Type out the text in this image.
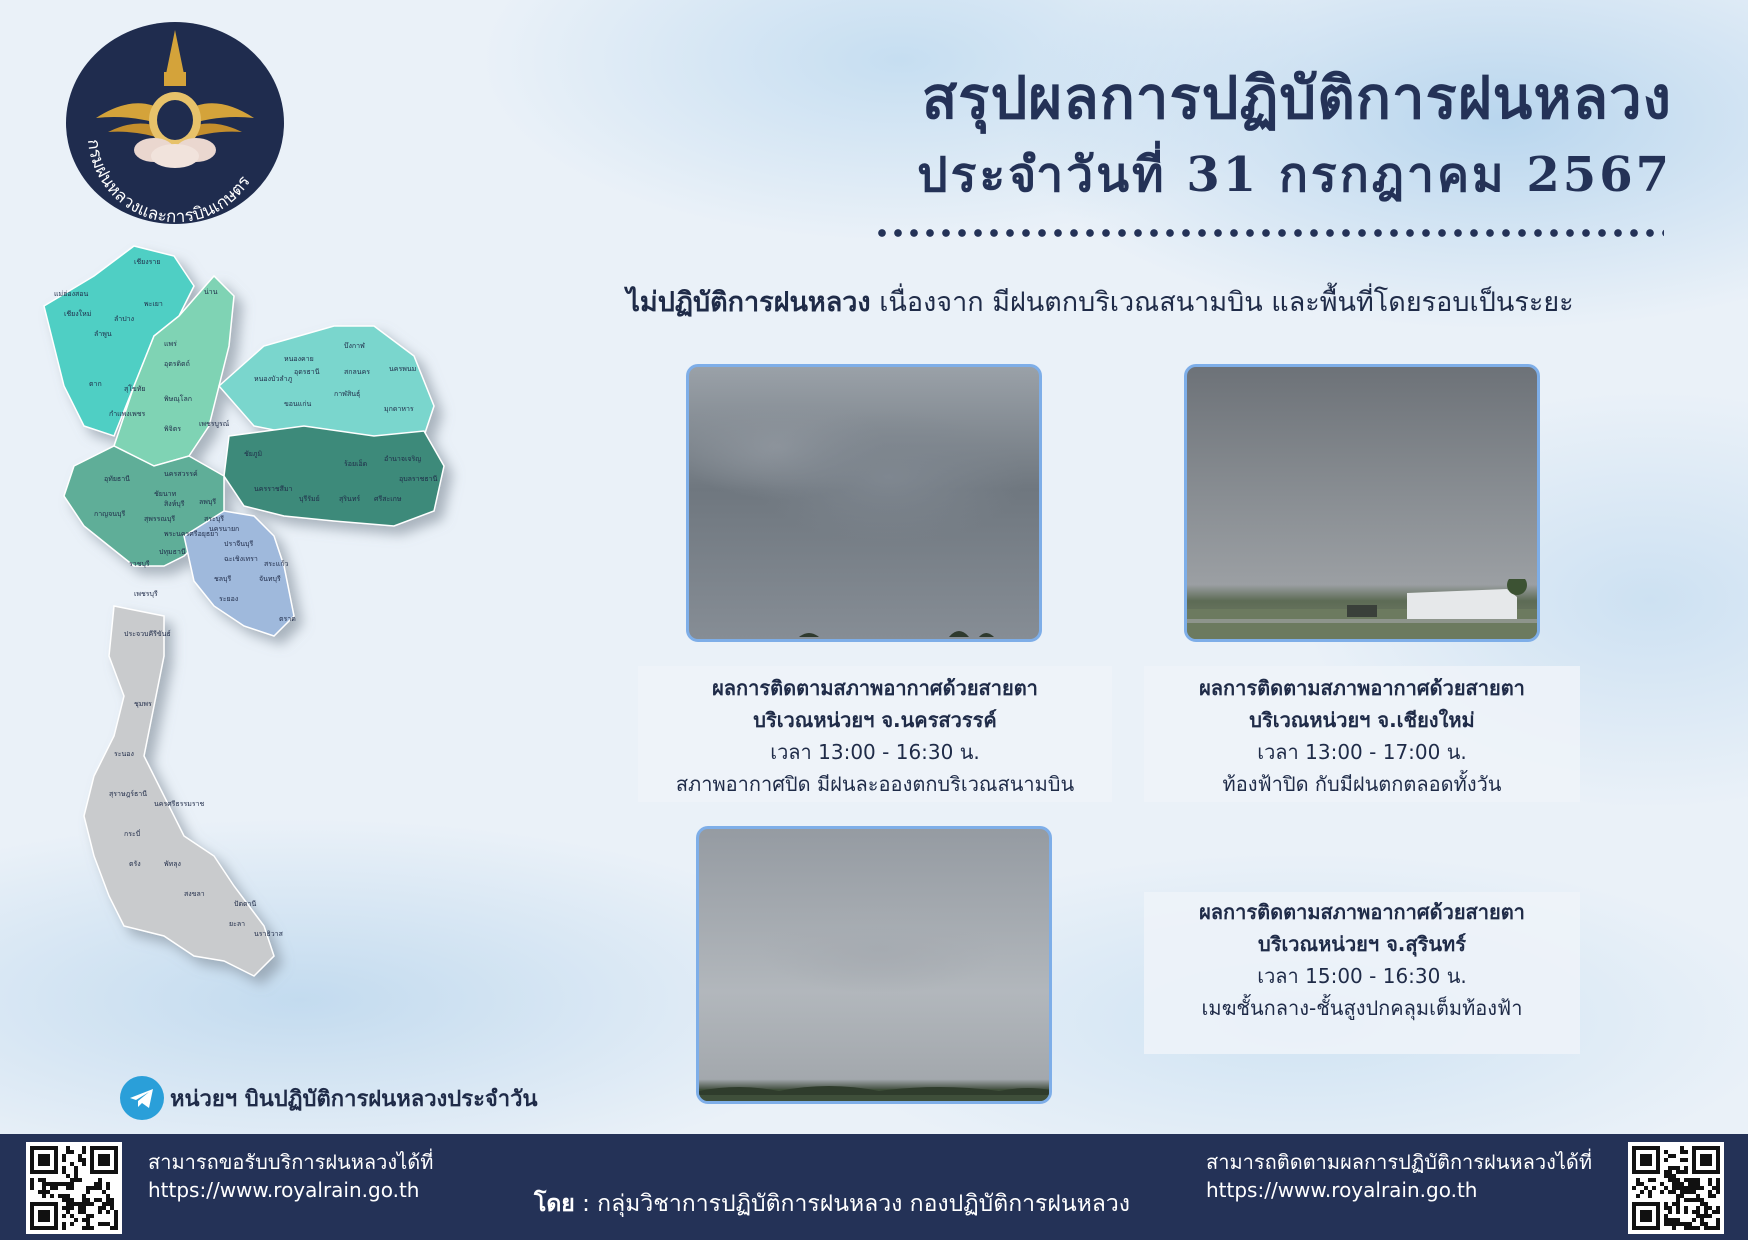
กรมฝนหลวงและการบินเกษตร
สรุปผลการปฏิบัติการฝนหลวง
ประจำวันที่ 31 กรกฎาคม 2567
ไม่ปฏิบัติการฝนหลวง เนื่องจาก มีฝนตกบริเวณสนามบิน และพื้นที่โดยรอบเป็นระยะ
เชียงราย
แม่ฮ่องสอน
เชียงใหม่
ลำปาง
ลำพูน
พะเยา
น่าน
แพร่
ตาก
อุตรดิตถ์
สุโขทัย
พิษณุโลก
กำแพงเพชร
พิจิตร
เพชรบูรณ์
หนองคาย
บึงกาฬ
อุดรธานี	สกลนคร	นครพนม
หนองบัวลำภู
ขอนแก่น
กาฬสินธุ์
มุกดาหาร
ชัยภูมิ
ร้อยเอ็ด
อำนาจเจริญ
นครราชสีมา
บุรีรัมย์	สุรินทร์ ศรีสะเกษ
อุบลราชธานี
นครสวรรค์
อุทัยธานี
ชัยนาท
สิงห์บุรี ลพบุรี
สระบุรี
กาญจนบุรี
สุพรรณบุรี
พระนครศรีอยุธยา
ปทุมธานี
นครนายก
ปราจีนบุรี
ฉะเชิงเทรา
สระแก้ว
ชลบุรี	จันทบุรี
ระยอง
ตราด
ราชบุรี
เพชรบุรี
ประจวบคีรีขันธ์
ชุมพร
ระนอง
สุราษฎร์ธานี
นครศรีธรรมราช
กระบี่
ตรัง	พัทลุง
สงขลา
ปัตตานี
ยะลา
นราธิวาส
ผลการติดตามสภาพอากาศด้วยสายตา
บริเวณหน่วยฯ จ.นครสวรรค์
เวลา 13:00 - 16:30 น.
สภาพอากาศปิด มีฝนละอองตกบริเวณสนามบิน
ผลการติดตามสภาพอากาศด้วยสายตา
บริเวณหน่วยฯ จ.เชียงใหม่
เวลา 13:00 - 17:00 น.
ท้องฟ้าปิด กับมีฝนตกตลอดทั้งวัน
ผลการติดตามสภาพอากาศด้วยสายตา
บริเวณหน่วยฯ จ.สุรินทร์
เวลา 15:00 - 16:30 น.
เมฆชั้นกลาง-ชั้นสูงปกคลุมเต็มท้องฟ้า
หน่วยฯ บินปฏิบัติการฝนหลวงประจำวัน
สามารถขอรับบริการฝนหลวงได้ที่
https://www.royalrain.go.th
โดย : กลุ่มวิชาการปฏิบัติการฝนหลวง กองปฏิบัติการฝนหลวง
สามารถติดตามผลการปฏิบัติการฝนหลวงได้ที่
https://www.royalrain.go.th
